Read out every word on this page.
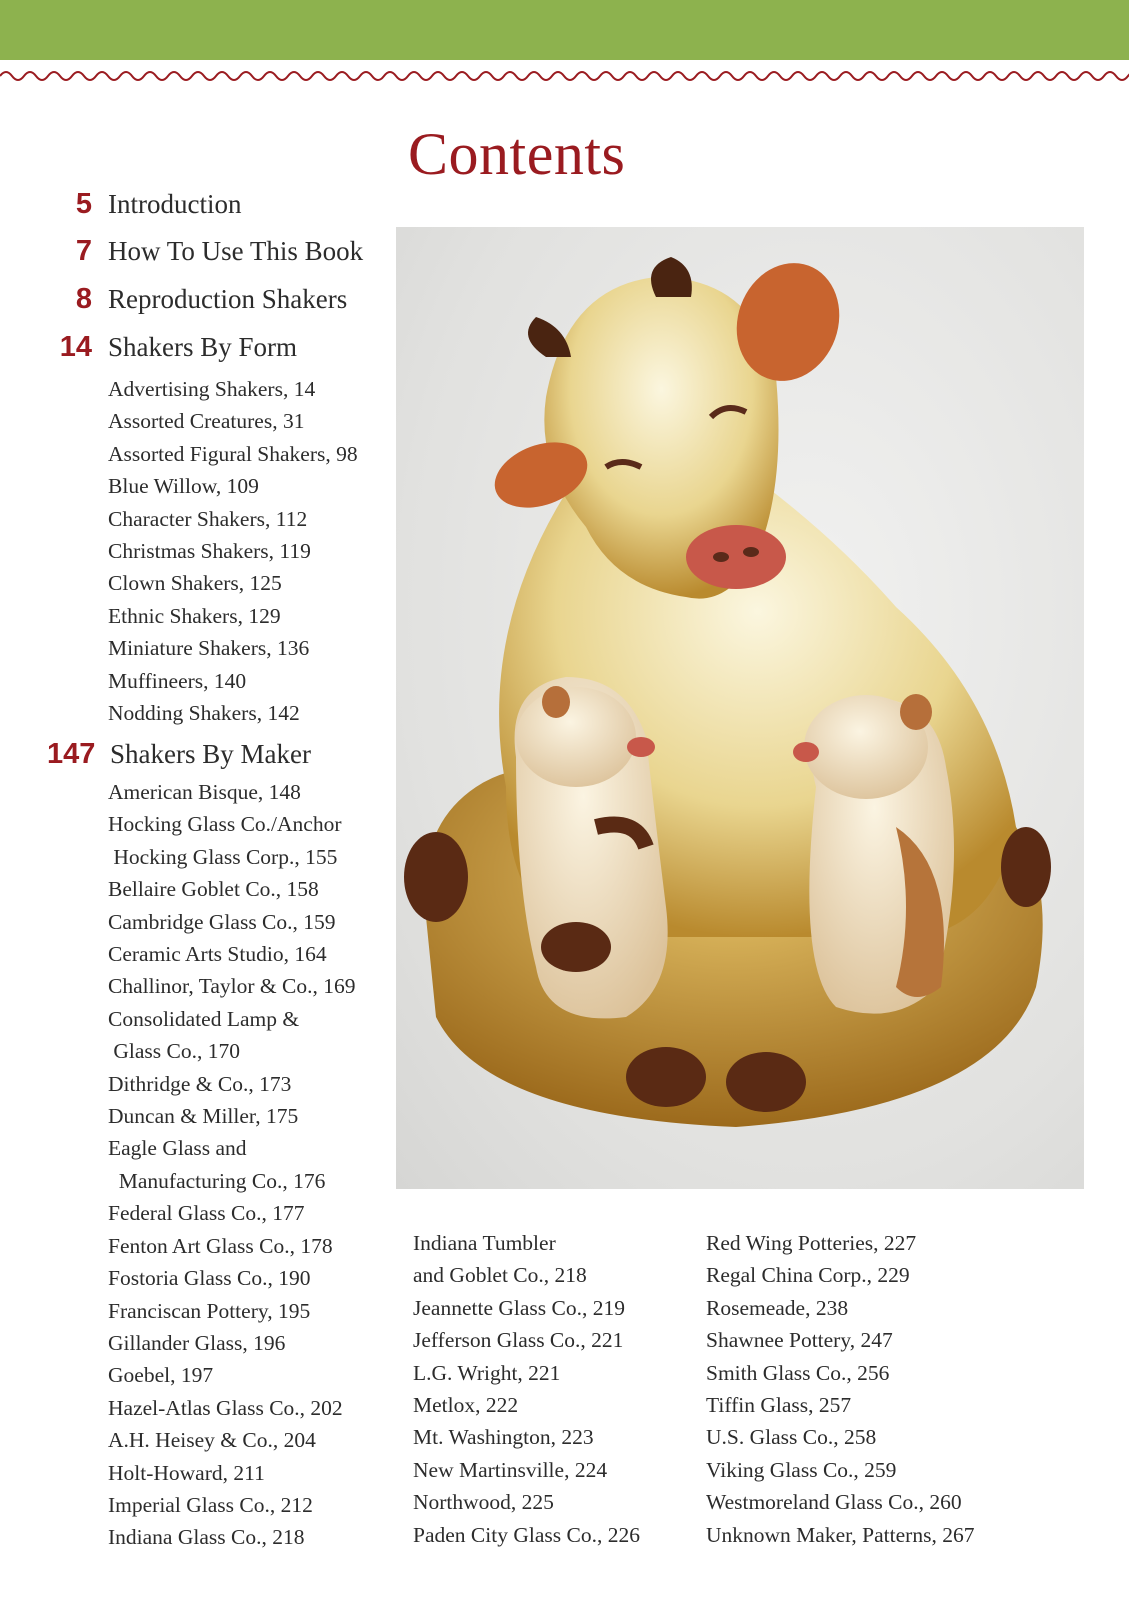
Contents
5 Introduction
7 How To Use This Book
8 Reproduction Shakers
14 Shakers By Form
Advertising Shakers, 14
Assorted Creatures, 31
Assorted Figural Shakers, 98
Blue Willow, 109
Character Shakers, 112
Christmas Shakers, 119
Clown Shakers, 125
Ethnic Shakers, 129
Miniature Shakers, 136
Muffineers, 140
Nodding Shakers, 142
147 Shakers By Maker
American Bisque, 148
Hocking Glass Co./Anchor
Hocking Glass Corp., 155
Bellaire Goblet Co., 158
Cambridge Glass Co., 159
Ceramic Arts Studio, 164
Challinor, Taylor & Co., 169
Consolidated Lamp &
Glass Co., 170
Dithridge & Co., 173
Duncan & Miller, 175
Eagle Glass and
Manufacturing Co., 176
Federal Glass Co., 177
Fenton Art Glass Co., 178
Fostoria Glass Co., 190
Franciscan Pottery, 195
Gillander Glass, 196
Goebel, 197
Hazel-Atlas Glass Co., 202
A.H. Heisey & Co., 204
Holt-Howard, 211
Imperial Glass Co., 212
Indiana Glass Co., 218
Indiana Tumbler
and Goblet Co., 218
Jeannette Glass Co., 219
Jefferson Glass Co., 221
L.G. Wright, 221
Metlox, 222
Mt. Washington, 223
New Martinsville, 224
Northwood, 225
Paden City Glass Co., 226
Red Wing Potteries, 227
Regal China Corp., 229
Rosemeade, 238
Shawnee Pottery, 247
Smith Glass Co., 256
Tiffin Glass, 257
U.S. Glass Co., 258
Viking Glass Co., 259
Westmoreland Glass Co., 260
Unknown Maker, Patterns, 267
